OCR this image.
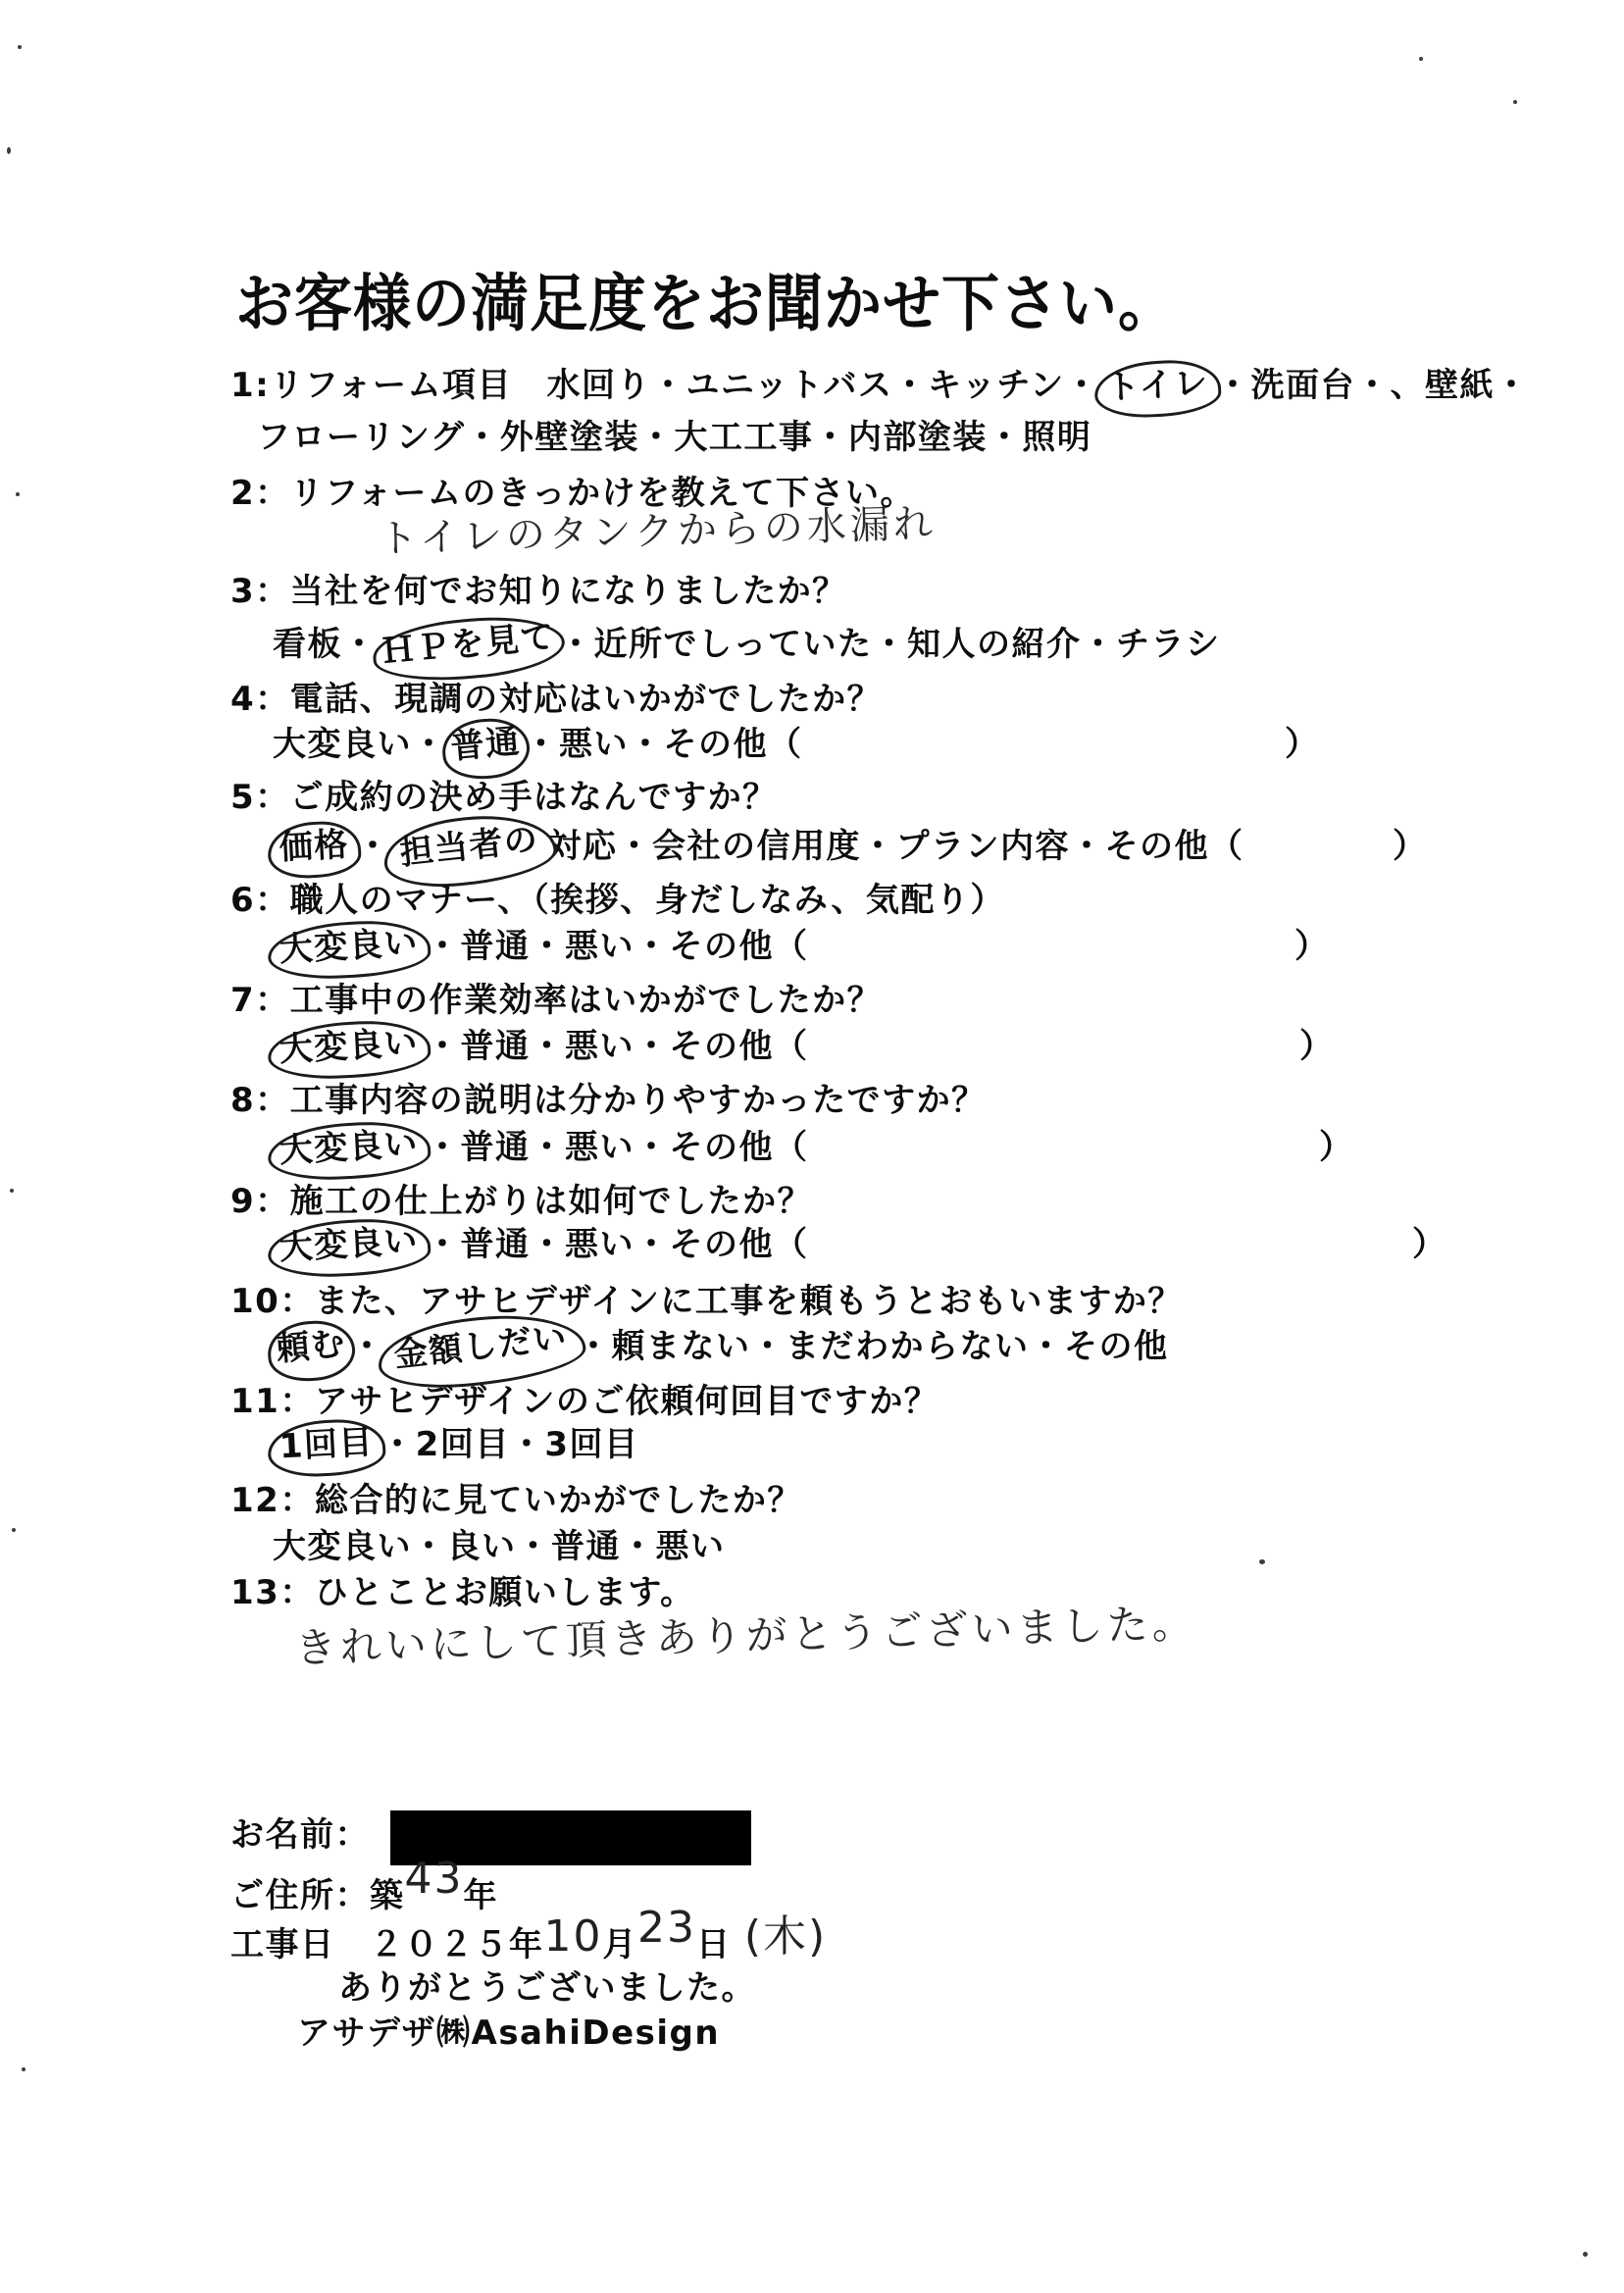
お客様の満足度をお聞かせ下さい。
1:リフォーム項目　水回り・ユニットバス・キッチン・ トイレ ・洗面台・、壁紙・
フローリング・外壁塗装・大工工事・内部塗装・照明
2：リフォームのきっかけを教えて下さい。
トイレのタンクからの水漏れ
3：当社を何でお知りになりましたか？
看板・ＨＰを見て・近所でしっていた・知人の紹介・チラシ
4：電話、現調の対応はいかがでしたか？
大変良い・普通・悪い・その他（	）
5：ご成約の決め手はなんですか？
価格 ・ 担当者の 対応・会社の信用度・プラン内容・その他（	）
6：職人のマナー、（挨拶、身だしなみ、気配り）
大変良い ・普通・悪い・その他（	）
7：工事中の作業効率はいかがでしたか？
大変良い ・普通・悪い・その他（	）
8：工事内容の説明は分かりやすかったですか？
大変良い ・普通・悪い・その他（	）
9：施工の仕上がりは如何でしたか？
大変良い ・普通・悪い・その他（	）
10：また、アサヒデザインに工事を頼もうとおもいますか？
頼む・ 金額しだい ・頼まない・まだわからない・その他
11：アサヒデザインのご依頼何回目ですか？
1回目 ・2回目・3回目
12：総合的に見ていかがでしたか？
大変良い・良い・普通・悪い
13：ひとことお願いします。
きれいにして頂きありがとうございました。
お名前：
ご住所：築43年
工事日　２０２５年10月23日 (木)
ありがとうございました。
アサデザ㈱AsahiDesign
